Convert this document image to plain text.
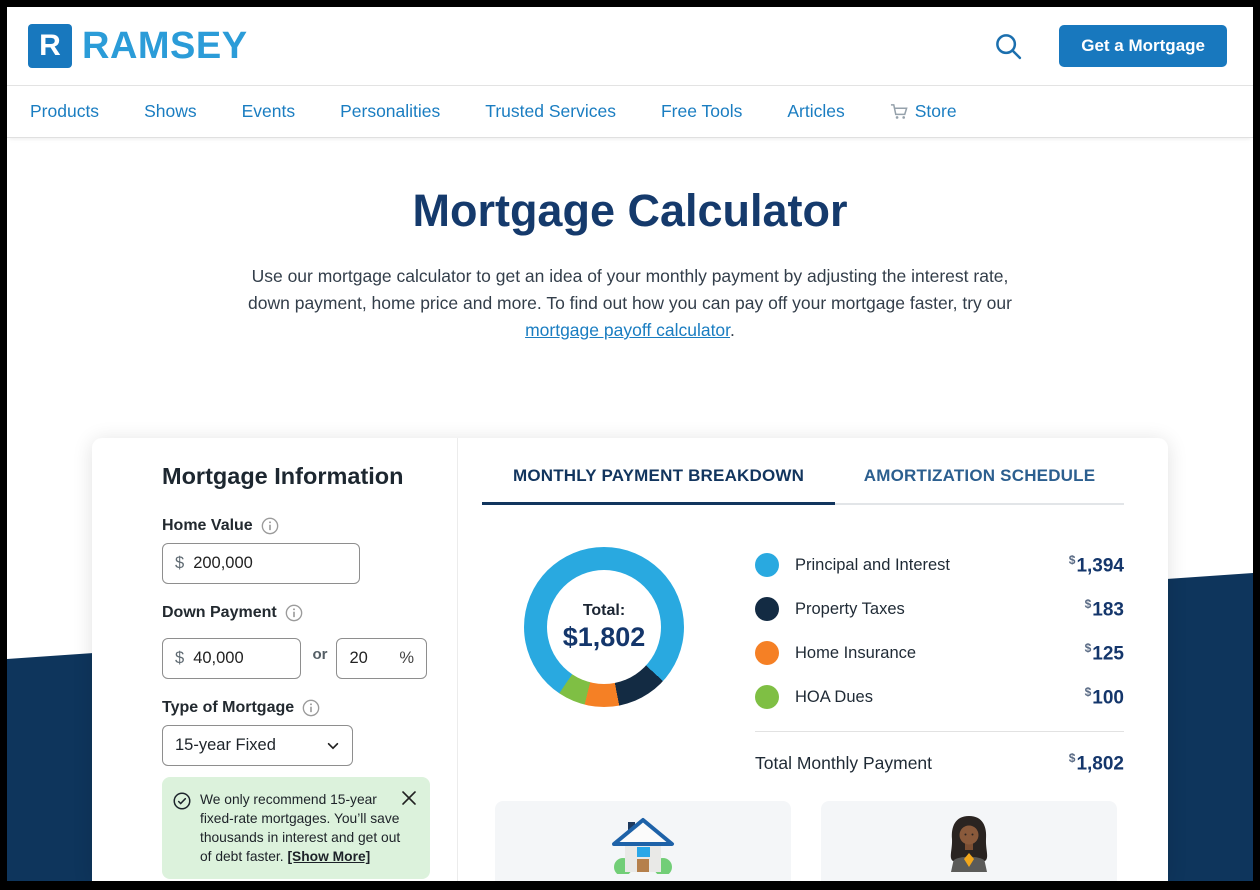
R RAMSEY	Get a Mortgage
Products	Shows	Events	Personalities	Trusted Services	Free Tools	Articles	Store
Mortgage Calculator

Use our mortgage calculator to get an idea of your monthly payment by adjusting the interest rate, down payment, home price and more. To find out how you can pay off your mortgage faster, try our mortgage payoff calculator.

Mortgage Information
Home Value
$ 200,000
Down Payment
$ 40,000	or 20 %
Type of Mortgage
15-year Fixed

We only recommend 15-year fixed-rate mortgages. You’ll save thousands in interest and get out of debt faster. [Show More]

MONTHLY PAYMENT BREAKDOWN	AMORTIZATION SCHEDULE
Total:
$1,802
Principal and Interest	$1,394
Property Taxes	$183
Home Insurance	$125
HOA Dues	$100
Total Monthly Payment	$1,802
